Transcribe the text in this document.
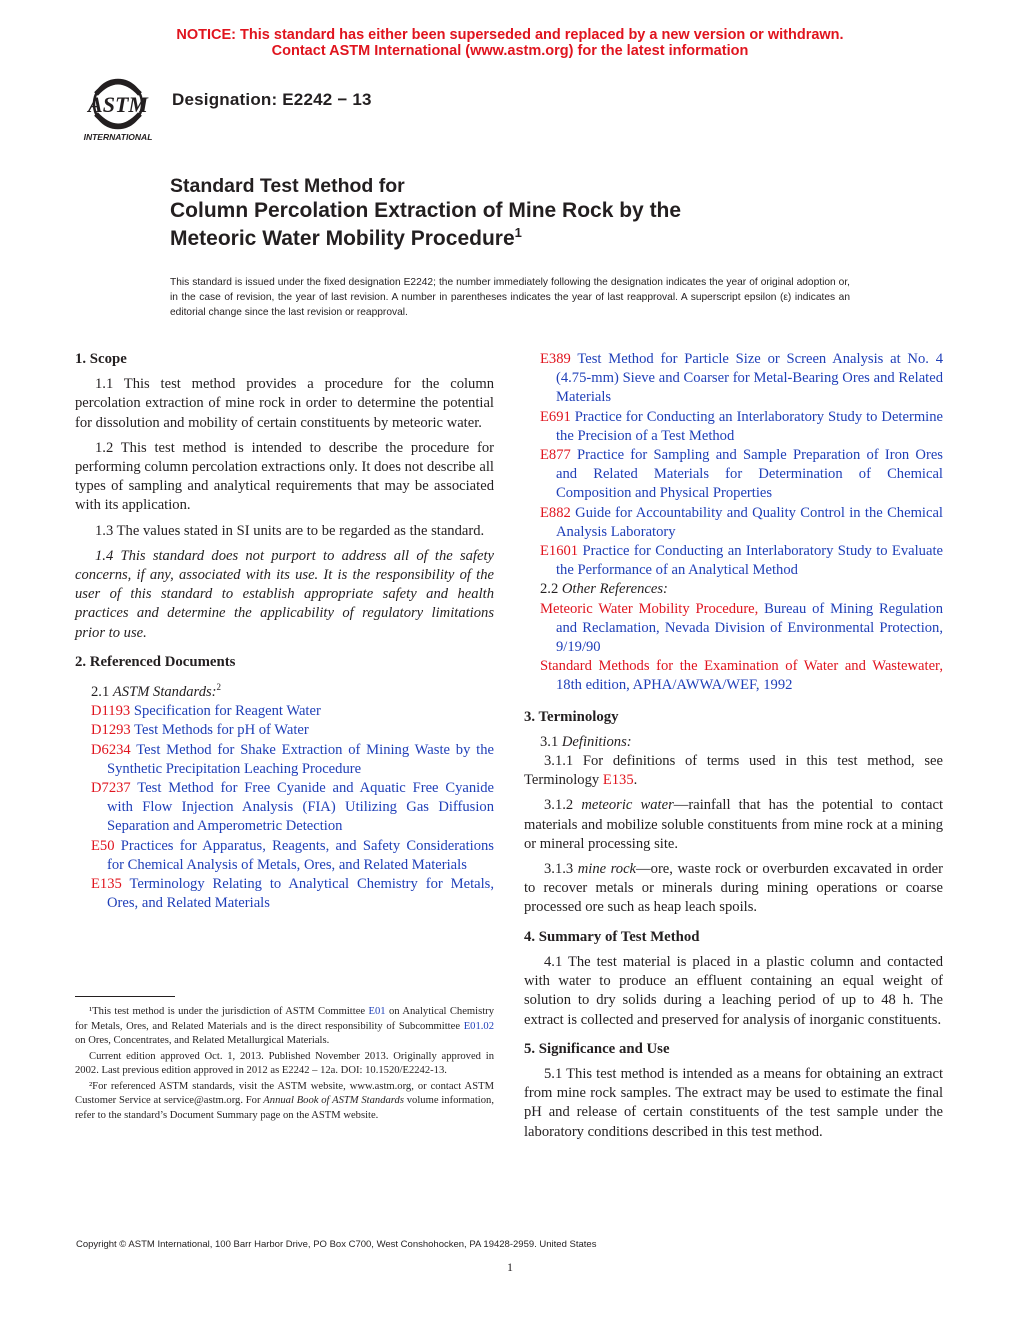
NOTICE: This standard has either been superseded and replaced by a new version or withdrawn.
Contact ASTM International (www.astm.org) for the latest information
ASTM
INTERNATIONAL
Designation: E2242 − 13
Standard Test Method for
Column Percolation Extraction of Mine Rock by the
Meteoric Water Mobility Procedure$^1$
This standard is issued under the fixed designation E2242; the number immediately following the designation indicates the year of original adoption or, in the case of revision, the year of last revision. A number in parentheses indicates the year of last reapproval. A superscript epsilon (ε) indicates an editorial change since the last revision or reapproval.
1. Scope
1.1 This test method provides a procedure for the column percolation extraction of mine rock in order to determine the potential for dissolution and mobility of certain constituents by meteoric water.
1.2 This test method is intended to describe the procedure for performing column percolation extractions only. It does not describe all types of sampling and analytical requirements that may be associated with its application.
1.3 The values stated in SI units are to be regarded as the standard.
1.4 This standard does not purport to address all of the safety concerns, if any, associated with its use. It is the responsibility of the user of this standard to establish appropriate safety and health practices and determine the applicability of regulatory limitations prior to use.
2. Referenced Documents
2.1 ASTM Standards:$^2$
D1193 Specification for Reagent Water
D1293 Test Methods for pH of Water
D6234 Test Method for Shake Extraction of Mining Waste by the Synthetic Precipitation Leaching Procedure
D7237 Test Method for Free Cyanide and Aquatic Free Cyanide with Flow Injection Analysis (FIA) Utilizing Gas Diffusion Separation and Amperometric Detection
E50 Practices for Apparatus, Reagents, and Safety Considerations for Chemical Analysis of Metals, Ores, and Related Materials
E135 Terminology Relating to Analytical Chemistry for Metals, Ores, and Related Materials
E389 Test Method for Particle Size or Screen Analysis at No. 4 (4.75-mm) Sieve and Coarser for Metal-Bearing Ores and Related Materials
E691 Practice for Conducting an Interlaboratory Study to Determine the Precision of a Test Method
E877 Practice for Sampling and Sample Preparation of Iron Ores and Related Materials for Determination of Chemical Composition and Physical Properties
E882 Guide for Accountability and Quality Control in the Chemical Analysis Laboratory
E1601 Practice for Conducting an Interlaboratory Study to Evaluate the Performance of an Analytical Method
2.2 Other References:
Meteoric Water Mobility Procedure, Bureau of Mining Regulation and Reclamation, Nevada Division of Environmental Protection, 9/19/90
Standard Methods for the Examination of Water and Wastewater, 18th edition, APHA/AWWA/WEF, 1992
3. Terminology
3.1 Definitions:
3.1.1 For definitions of terms used in this test method, see Terminology E135.
3.1.2 meteoric water—rainfall that has the potential to contact materials and mobilize soluble constituents from mine rock at a mining or mineral processing site.
3.1.3 mine rock—ore, waste rock or overburden excavated in order to recover metals or minerals during mining operations or coarse processed ore such as heap leach spoils.
4. Summary of Test Method
4.1 The test material is placed in a plastic column and contacted with water to produce an effluent containing an equal weight of solution to dry solids during a leaching period of up to 48 h. The extract is collected and preserved for analysis of inorganic constituents.
5. Significance and Use
5.1 This test method is intended as a means for obtaining an extract from mine rock samples. The extract may be used to estimate the final pH and release of certain constituents of the test sample under the laboratory conditions described in this test method.

¹This test method is under the jurisdiction of ASTM Committee E01 on Analytical Chemistry for Metals, Ores, and Related Materials and is the direct responsibility of Subcommittee E01.02 on Ores, Concentrates, and Related Metallurgical Materials.

Current edition approved Oct. 1, 2013. Published November 2013. Originally approved in 2002. Last previous edition approved in 2012 as E2242 – 12a. DOI: 10.1520/E2242-13.

²For referenced ASTM standards, visit the ASTM website, www.astm.org, or contact ASTM Customer Service at service@astm.org. For Annual Book of ASTM Standards volume information, refer to the standard’s Document Summary page on the ASTM website.

Copyright © ASTM International, 100 Barr Harbor Drive, PO Box C700, West Conshohocken, PA 19428-2959. United States
1
